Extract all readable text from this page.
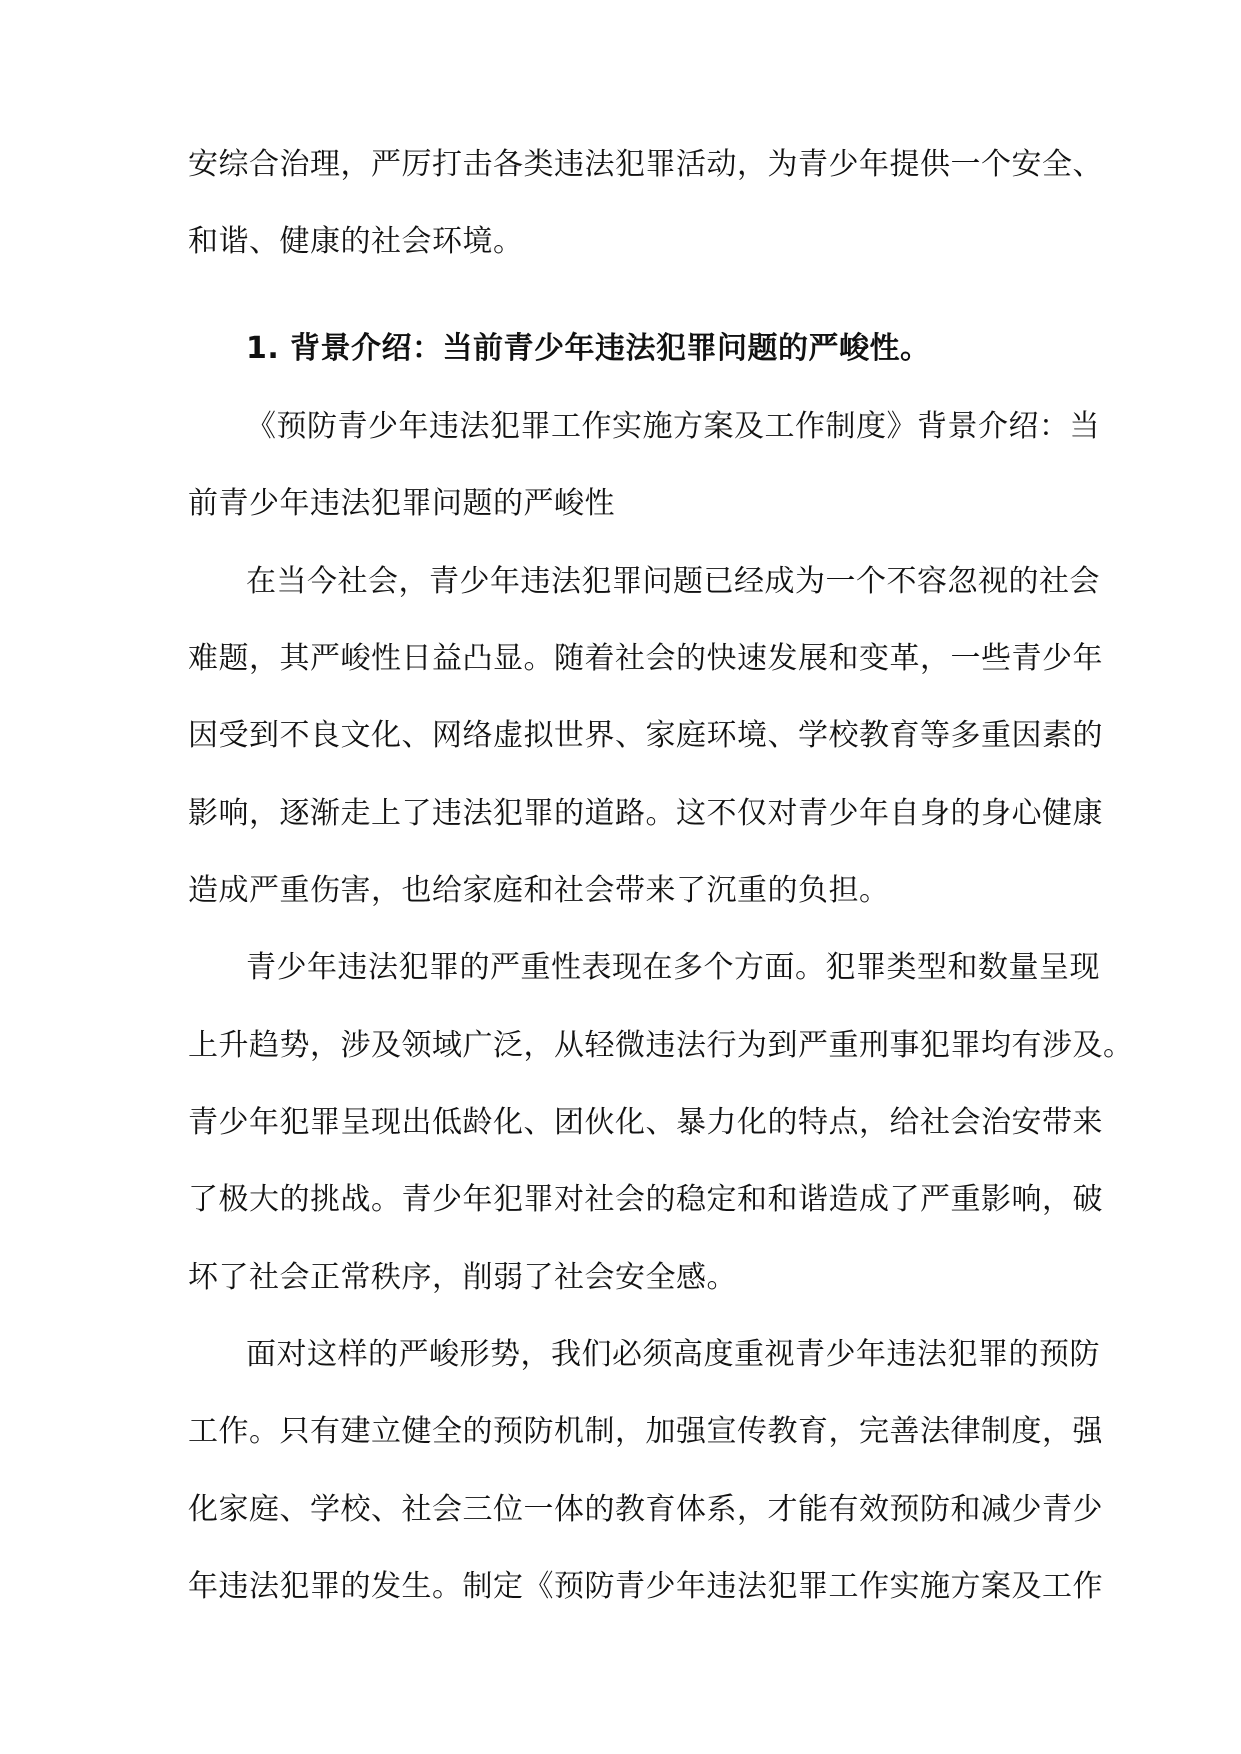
安综合治理，严厉打击各类违法犯罪活动，为青少年提供一个安全、
和谐、健康的社会环境。
1. 背景介绍：当前青少年违法犯罪问题的严峻性。
《预防青少年违法犯罪工作实施方案及工作制度》背景介绍：当
前青少年违法犯罪问题的严峻性
在当今社会，青少年违法犯罪问题已经成为一个不容忽视的社会
难题，其严峻性日益凸显。随着社会的快速发展和变革，一些青少年
因受到不良文化、网络虚拟世界、家庭环境、学校教育等多重因素的
影响，逐渐走上了违法犯罪的道路。这不仅对青少年自身的身心健康
造成严重伤害，也给家庭和社会带来了沉重的负担。
青少年违法犯罪的严重性表现在多个方面。犯罪类型和数量呈现
上升趋势，涉及领域广泛，从轻微违法行为到严重刑事犯罪均有涉及。
青少年犯罪呈现出低龄化、团伙化、暴力化的特点，给社会治安带来
了极大的挑战。青少年犯罪对社会的稳定和和谐造成了严重影响，破
坏了社会正常秩序，削弱了社会安全感。
面对这样的严峻形势，我们必须高度重视青少年违法犯罪的预防
工作。只有建立健全的预防机制，加强宣传教育，完善法律制度，强
化家庭、学校、社会三位一体的教育体系，才能有效预防和减少青少
年违法犯罪的发生。制定《预防青少年违法犯罪工作实施方案及工作
